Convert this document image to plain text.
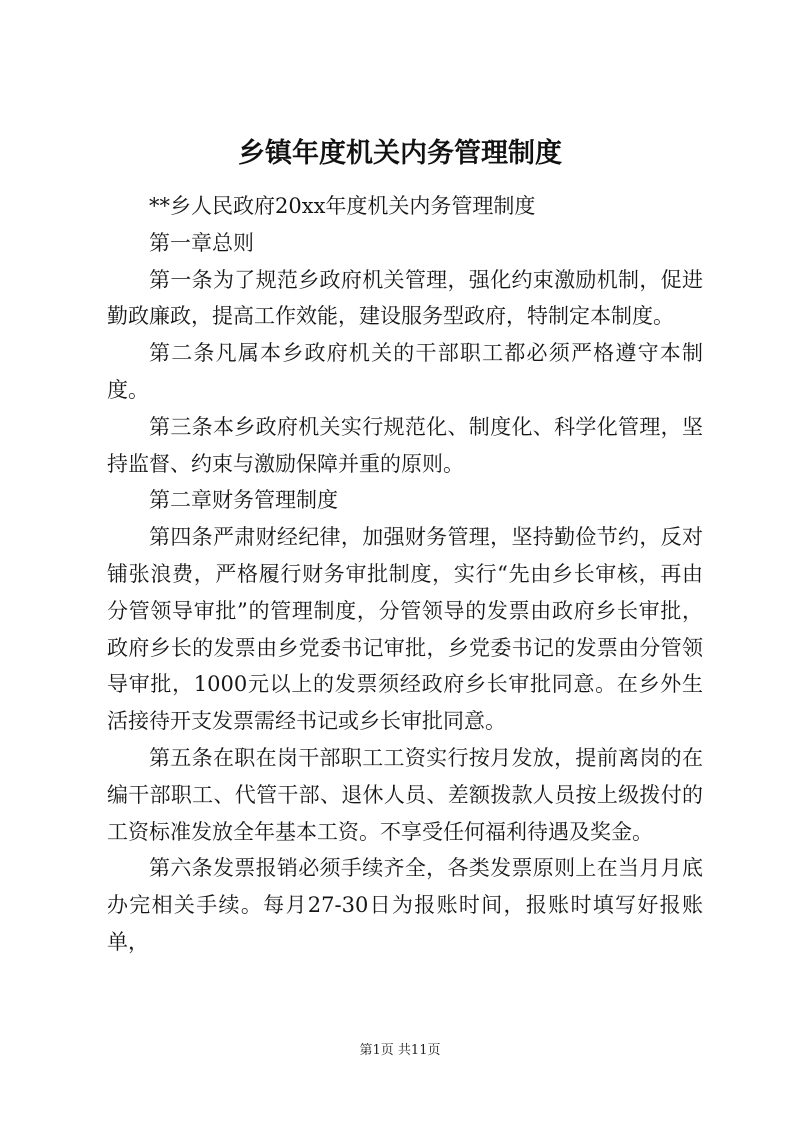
乡镇年度机关内务管理制度

**乡人民政府20xx年度机关内务管理制度

第一章总则

第一条为了规范乡政府机关管理，强化约束激励机制，促进勤政廉政，提高工作效能，建设服务型政府，特制定本制度。

第二条凡属本乡政府机关的干部职工都必须严格遵守本制度。

第三条本乡政府机关实行规范化、制度化、科学化管理，坚持监督、约束与激励保障并重的原则。

第二章财务管理制度

第四条严肃财经纪律，加强财务管理，坚持勤俭节约，反对铺张浪费，严格履行财务审批制度，实行“先由乡长审核，再由分管领导审批”的管理制度，分管领导的发票由政府乡长审批，政府乡长的发票由乡党委书记审批，乡党委书记的发票由分管领导审批，1000元以上的发票须经政府乡长审批同意。在乡外生活接待开支发票需经书记或乡长审批同意。

第五条在职在岗干部职工工资实行按月发放，提前离岗的在编干部职工、代管干部、退休人员、差额拨款人员按上级拨付的工资标准发放全年基本工资。不享受任何福利待遇及奖金。

第六条发票报销必须手续齐全，各类发票原则上在当月月底办完相关手续。每月27-30日为报账时间，报账时填写好报账单，

第1页 共11页
